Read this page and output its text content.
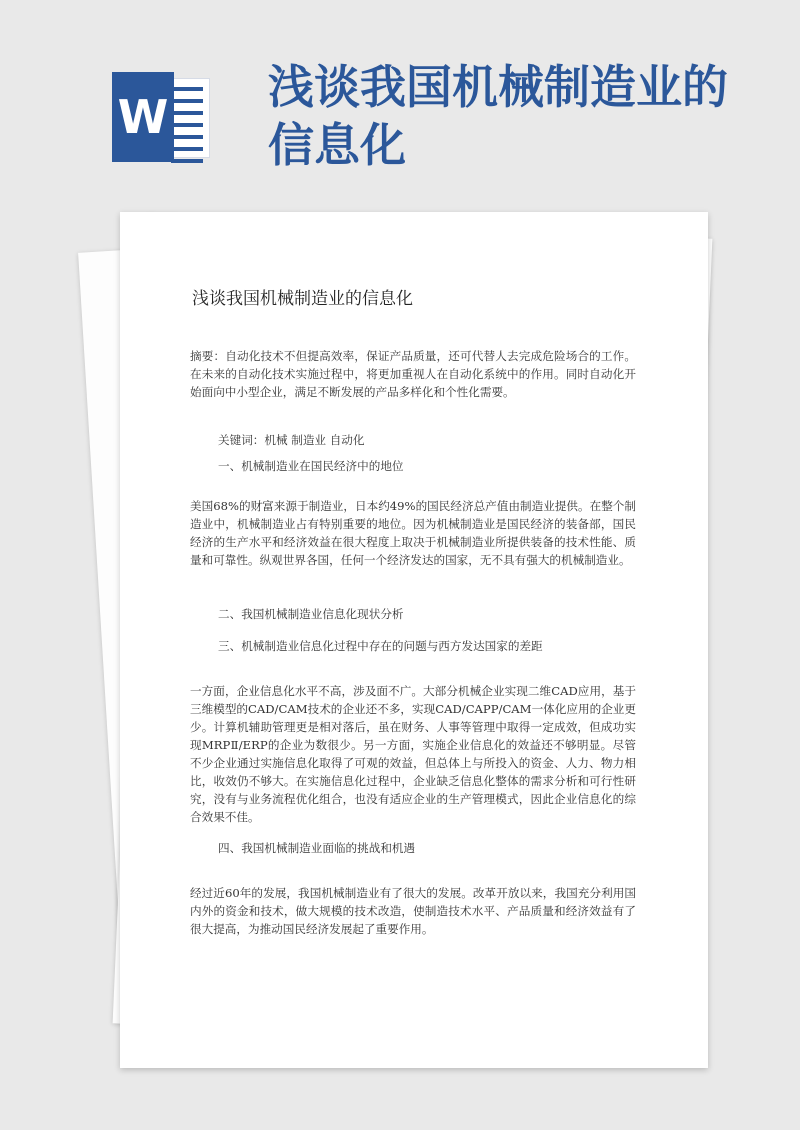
W
浅谈我国机械制造业的信息化
浅谈我国机械制造业的信息化

摘要：自动化技术不但提高效率，保证产品质量，还可代替人去完成危险场合的工作。在未来的自动化技术实施过程中，将更加重视人在自动化系统中的作用。同时自动化开始面向中小型企业，满足不断发展的产品多样化和个性化需要。

关键词：机械 制造业 自动化

一、机械制造业在国民经济中的地位

美国68%的财富来源于制造业，日本约49%的国民经济总产值由制造业提供。在整个制造业中，机械制造业占有特别重要的地位。因为机械制造业是国民经济的装备部，国民经济的生产水平和经济效益在很大程度上取决于机械制造业所提供装备的技术性能、质量和可靠性。纵观世界各国，任何一个经济发达的国家，无不具有强大的机械制造业。

二、我国机械制造业信息化现状分析

三、机械制造业信息化过程中存在的问题与西方发达国家的差距

一方面，企业信息化水平不高，涉及面不广。大部分机械企业实现二维CAD应用，基于三维模型的CAD/CAM技术的企业还不多，实现CAD/CAPP/CAM一体化应用的企业更少。计算机辅助管理更是相对落后，虽在财务、人事等管理中取得一定成效，但成功实现MRPⅡ/ERP的企业为数很少。另一方面，实施企业信息化的效益还不够明显。尽管不少企业通过实施信息化取得了可观的效益，但总体上与所投入的资金、人力、物力相比，收效仍不够大。在实施信息化过程中，企业缺乏信息化整体的需求分析和可行性研究，没有与业务流程优化组合，也没有适应企业的生产管理模式，因此企业信息化的综合效果不佳。

四、我国机械制造业面临的挑战和机遇

经过近60年的发展，我国机械制造业有了很大的发展。改革开放以来，我国充分利用国内外的资金和技术，做大规模的技术改造，使制造技术水平、产品质量和经济效益有了很大提高，为推动国民经济发展起了重要作用。
